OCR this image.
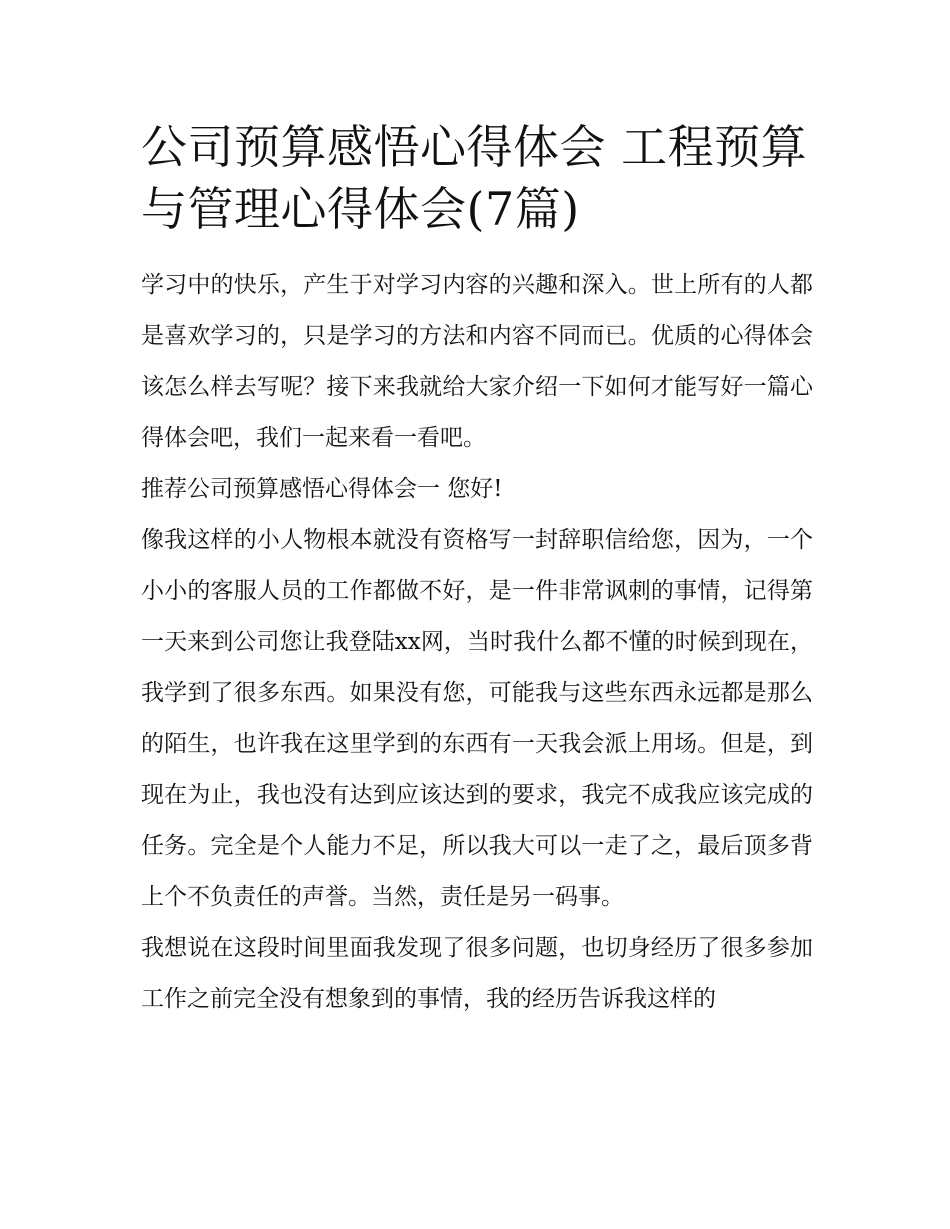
公司预算感悟心得体会 工程预算与管理心得体会(7篇)

学习中的快乐，产生于对学习内容的兴趣和深入。世上所有的人都是喜欢学习的，只是学习的方法和内容不同而已。优质的心得体会该怎么样去写呢？接下来我就给大家介绍一下如何才能写好一篇心得体会吧，我们一起来看一看吧。

推荐公司预算感悟心得体会一 您好!

像我这样的小人物根本就没有资格写一封辞职信给您，因为，一个小小的客服人员的工作都做不好，是一件非常讽刺的事情，记得第一天来到公司您让我登陆xx网，当时我什么都不懂的时候到现在，我学到了很多东西。如果没有您，可能我与这些东西永远都是那么的陌生，也许我在这里学到的东西有一天我会派上用场。但是，到现在为止，我也没有达到应该达到的要求，我完不成我应该完成的任务。完全是个人能力不足，所以我大可以一走了之，最后顶多背上个不负责任的声誉。当然，责任是另一码事。

我想说在这段时间里面我发现了很多问题，也切身经历了很多参加工作之前完全没有想象到的事情，我的经历告诉我这样的
